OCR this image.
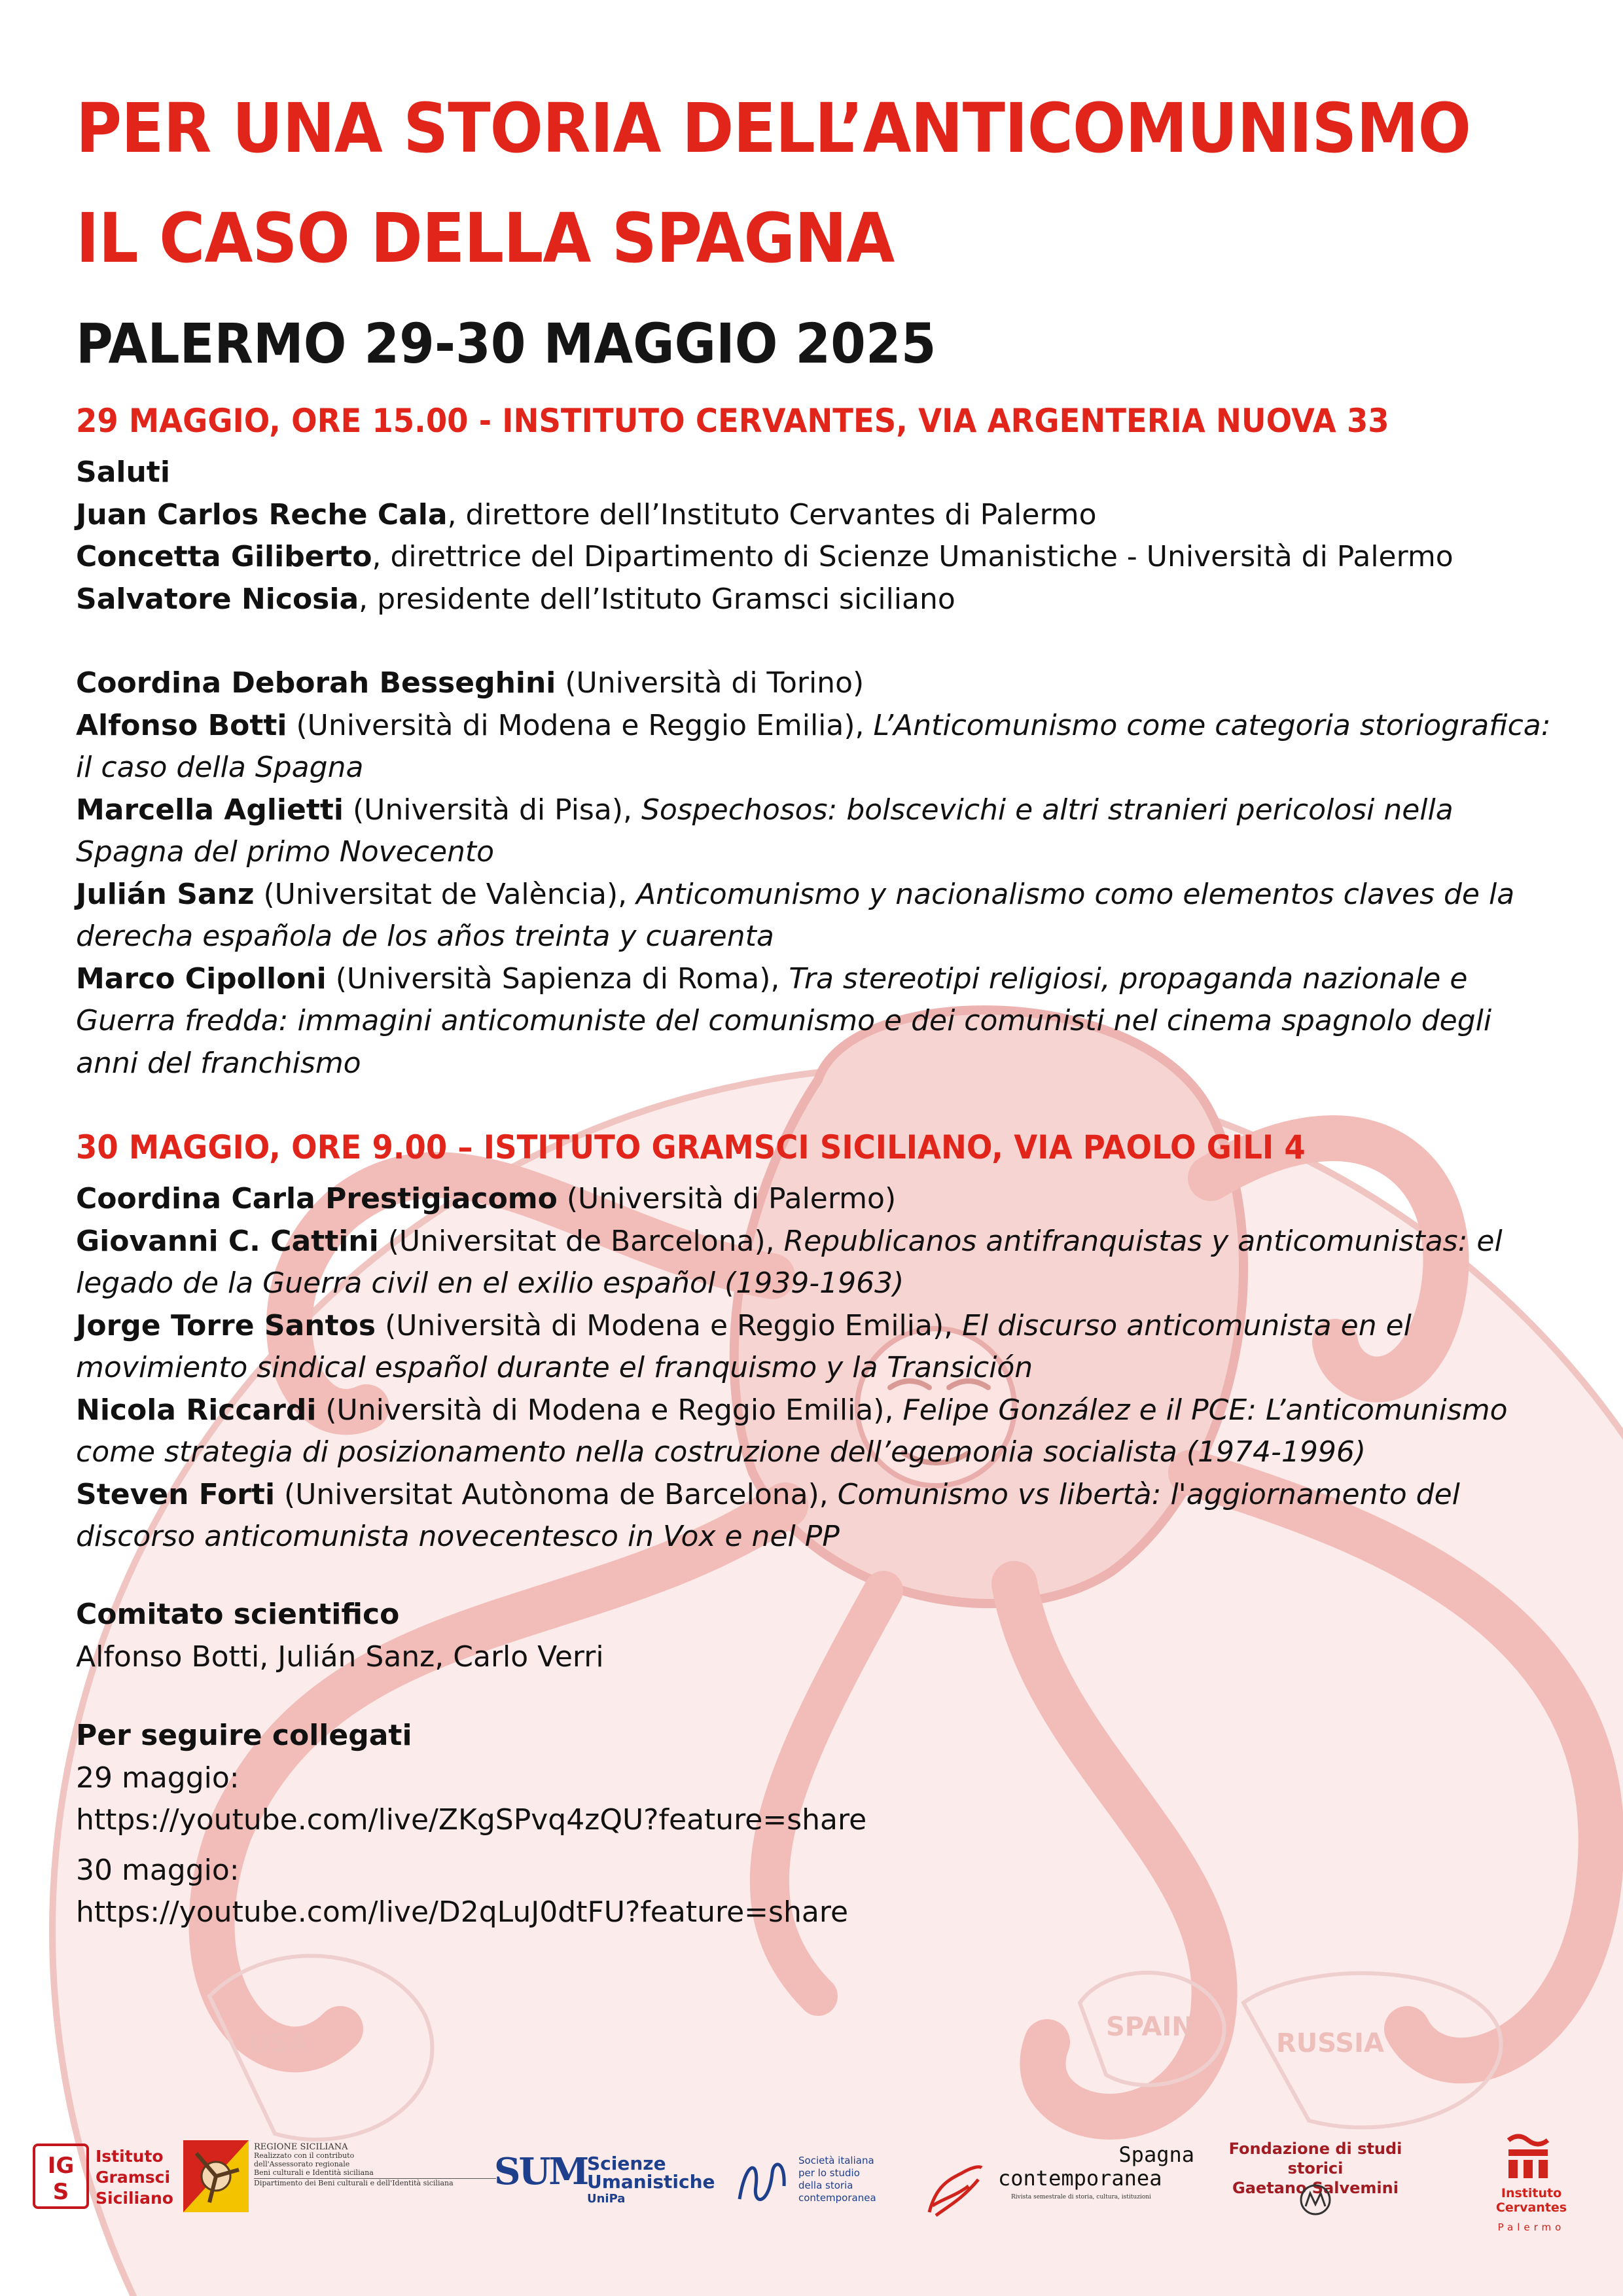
USA
SPAIN
RUSSIA
PER UNA STORIA DELL’ANTICOMUNISMO
IL CASO DELLA SPAGNA
PALERMO 29-30 MAGGIO 2025
29 MAGGIO, ORE 15.00 - INSTITUTO CERVANTES, VIA ARGENTERIA NUOVA 33

Saluti

Juan Carlos Reche Cala, direttore dell’Instituto Cervantes di Palermo

Concetta Giliberto, direttrice del Dipartimento di Scienze Umanistiche - Università di Palermo

Salvatore Nicosia, presidente dell’Istituto Gramsci siciliano

Coordina Deborah Besseghini (Università di Torino)

Alfonso Botti (Università di Modena e Reggio Emilia), L’Anticomunismo come categoria storiografica: il caso della Spagna

Marcella Aglietti (Università di Pisa), Sospechosos: bolscevichi e altri stranieri pericolosi nella Spagna del primo Novecento

Julián Sanz (Universitat de València), Anticomunismo y nacionalismo como elementos claves de la derecha española de los años treinta y cuarenta

Marco Cipolloni (Università Sapienza di Roma), Tra stereotipi religiosi, propaganda nazionale e Guerra fredda: immagini anticomuniste del comunismo e dei comunisti nel cinema spagnolo degli anni del franchismo

30 MAGGIO, ORE 9.00 – ISTITUTO GRAMSCI SICILIANO, VIA PAOLO GILI 4

Coordina Carla Prestigiacomo (Università di Palermo)

Giovanni C. Cattini (Universitat de Barcelona), Republicanos antifranquistas y anticomunistas: el legado de la Guerra civil en el exilio español (1939-1963)

Jorge Torre Santos (Università di Modena e Reggio Emilia), El discurso anticomunista en el movimiento sindical español durante el franquismo y la Transición

Nicola Riccardi (Università di Modena e Reggio Emilia), Felipe González e il PCE: L’anticomunismo come strategia di posizionamento nella costruzione dell’egemonia socialista (1974-1996)

Steven Forti (Universitat Autònoma de Barcelona), Comunismo vs libertà: l'aggiornamento del discorso anticomunista novecentesco in Vox e nel PP

Comitato scientifico

Alfonso Botti, Julián Sanz, Carlo Verri

Per seguire collegati

29 maggio:

https://youtube.com/live/ZKgSPvq4zQU?feature=share

30 maggio:

https://youtube.com/live/D2qLuJ0dtFU?feature=share

IG
S
Istituto
Gramsci
Siciliano
REGIONE SICILIANA
Realizzato con il contributo
dell'Assessorato regionale
Beni culturali e Identità siciliana
Dipartimento dei Beni culturali e dell'Identità siciliana	SUM Scienze
Umanistiche
UniPa
Società italiana
per lo studio
della storia
contemporanea
Spagna
contemporanea
Rivista semestrale di storia, cultura, istituzioni
Fondazione di studi storici
Gaetano Salvemini	Instituto
Cervantes
Palermo
